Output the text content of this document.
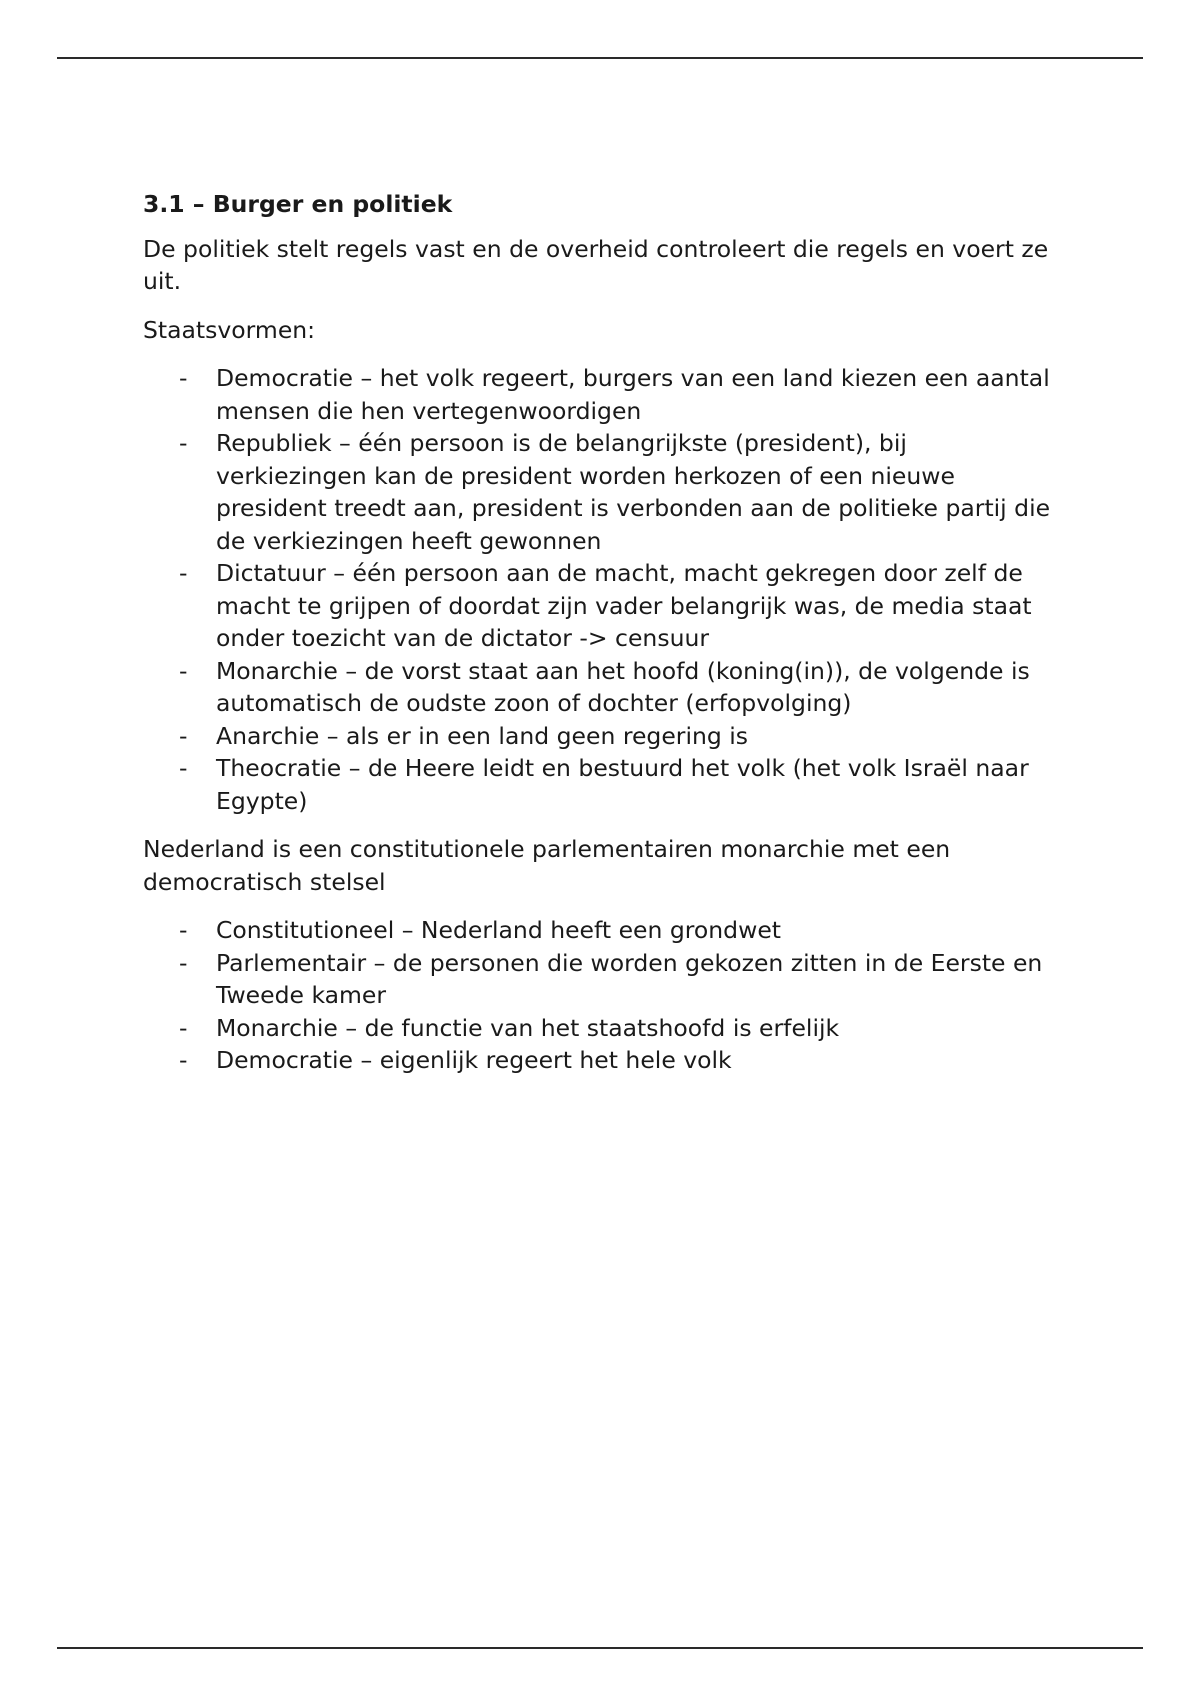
3.1 – Burger en politiek

De politiek stelt regels vast en de overheid controleert die regels en voert ze uit.

Staatsvormen:

- Democratie – het volk regeert, burgers van een land kiezen een aantal mensen die hen vertegenwoordigen
- Republiek – één persoon is de belangrijkste (president), bij verkiezingen kan de president worden herkozen of een nieuwe president treedt aan, president is verbonden aan de politieke partij die de verkiezingen heeft gewonnen
- Dictatuur – één persoon aan de macht, macht gekregen door zelf de macht te grijpen of doordat zijn vader belangrijk was, de media staat onder toezicht van de dictator -> censuur
- Monarchie – de vorst staat aan het hoofd (koning(in)), de volgende is automatisch de oudste zoon of dochter (erfopvolging)
- Anarchie – als er in een land geen regering is
- Theocratie – de Heere leidt en bestuurd het volk (het volk Israël naar Egypte)

Nederland is een constitutionele parlementairen monarchie met een democratisch stelsel

- Constitutioneel – Nederland heeft een grondwet
- Parlementair – de personen die worden gekozen zitten in de Eerste en Tweede kamer
- Monarchie – de functie van het staatshoofd is erfelijk
- Democratie – eigenlijk regeert het hele volk
